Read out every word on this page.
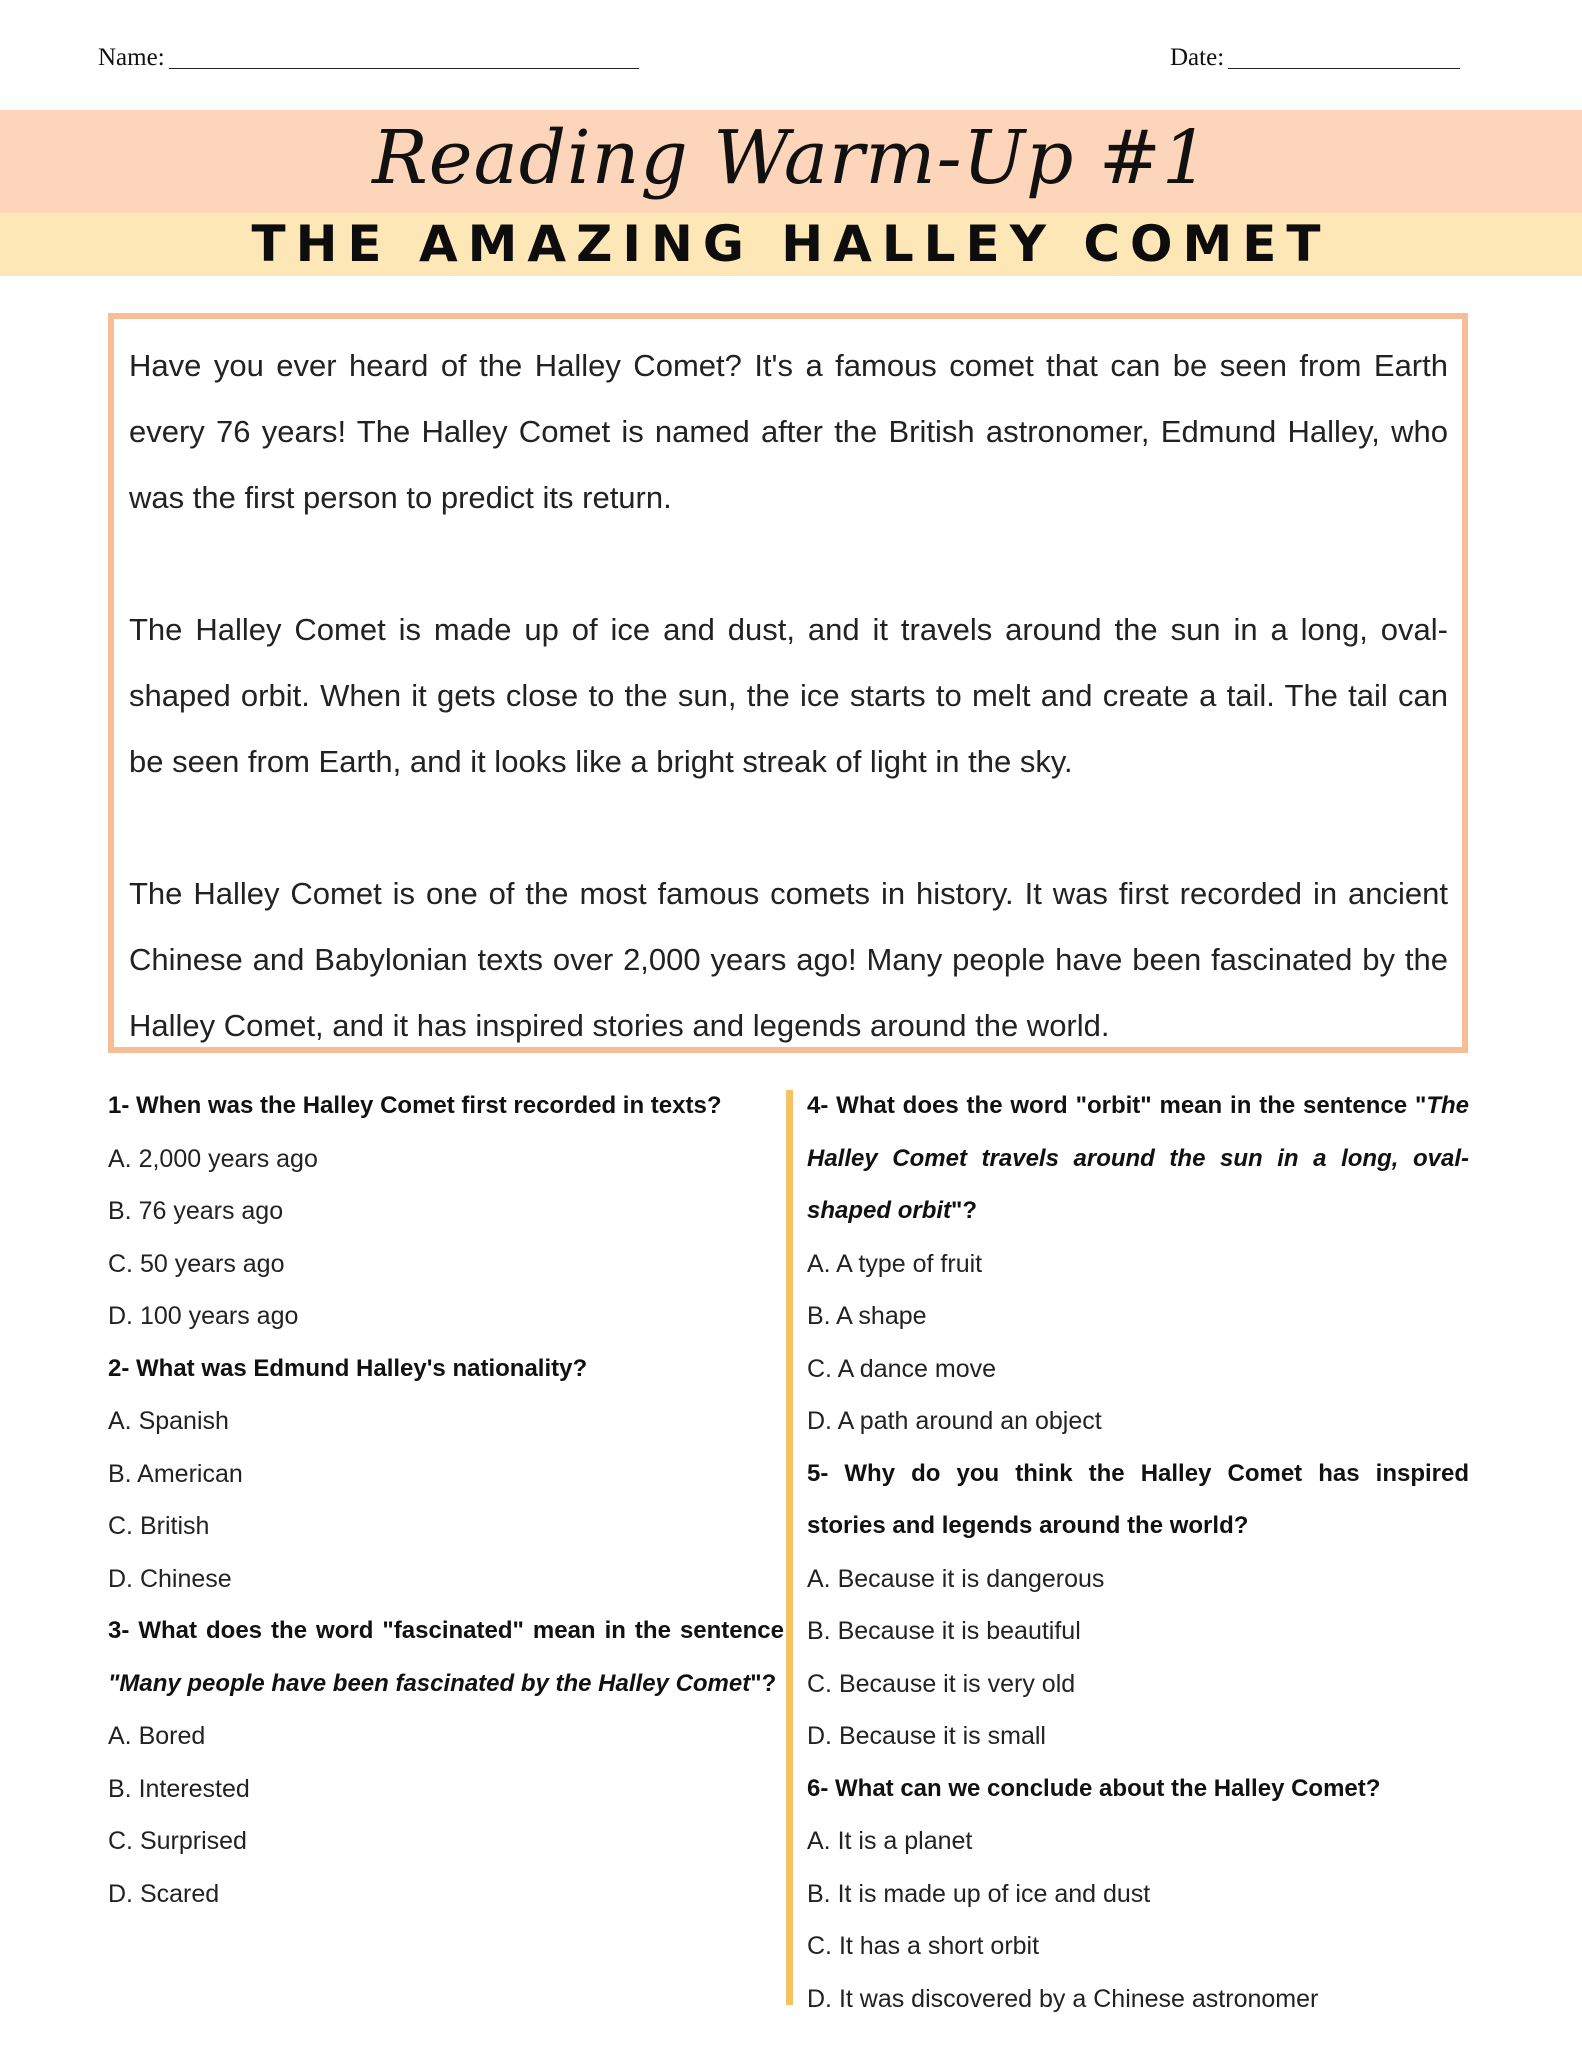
Name:	Date:
Reading Warm-Up #1
THE AMAZING HALLEY COMET

Have you ever heard of the Halley Comet? It's a famous comet that can be seen from Earth every 76 years! The Halley Comet is named after the British astronomer, Edmund Halley, who was the first person to predict its return.

The Halley Comet is made up of ice and dust, and it travels around the sun in a long, oval-shaped orbit. When it gets close to the sun, the ice starts to melt and create a tail. The tail can be seen from Earth, and it looks like a bright streak of light in the sky.

The Halley Comet is one of the most famous comets in history. It was first recorded in ancient Chinese and Babylonian texts over 2,000 years ago! Many people have been fascinated by the Halley Comet, and it has inspired stories and legends around the world.

1- When was the Halley Comet first recorded in texts?
A. 2,000 years ago
B. 76 years ago
C. 50 years ago
D. 100 years ago
2- What was Edmund Halley's nationality?
A. Spanish
B. American
C. British
D. Chinese
3- What does the word "fascinated" mean in the sentence "Many people have been fascinated by the Halley Comet"?
A. Bored
B. Interested
C. Surprised
D. Scared
4- What does the word "orbit" mean in the sentence "The Halley Comet travels around the sun in a long, oval-shaped orbit"?
A. A type of fruit
B. A shape
C. A dance move
D. A path around an object
5- Why do you think the Halley Comet has inspired stories and legends around the world?
A. Because it is dangerous
B. Because it is beautiful
C. Because it is very old
D. Because it is small
6- What can we conclude about the Halley Comet?
A. It is a planet
B. It is made up of ice and dust
C. It has a short orbit
D. It was discovered by a Chinese astronomer
